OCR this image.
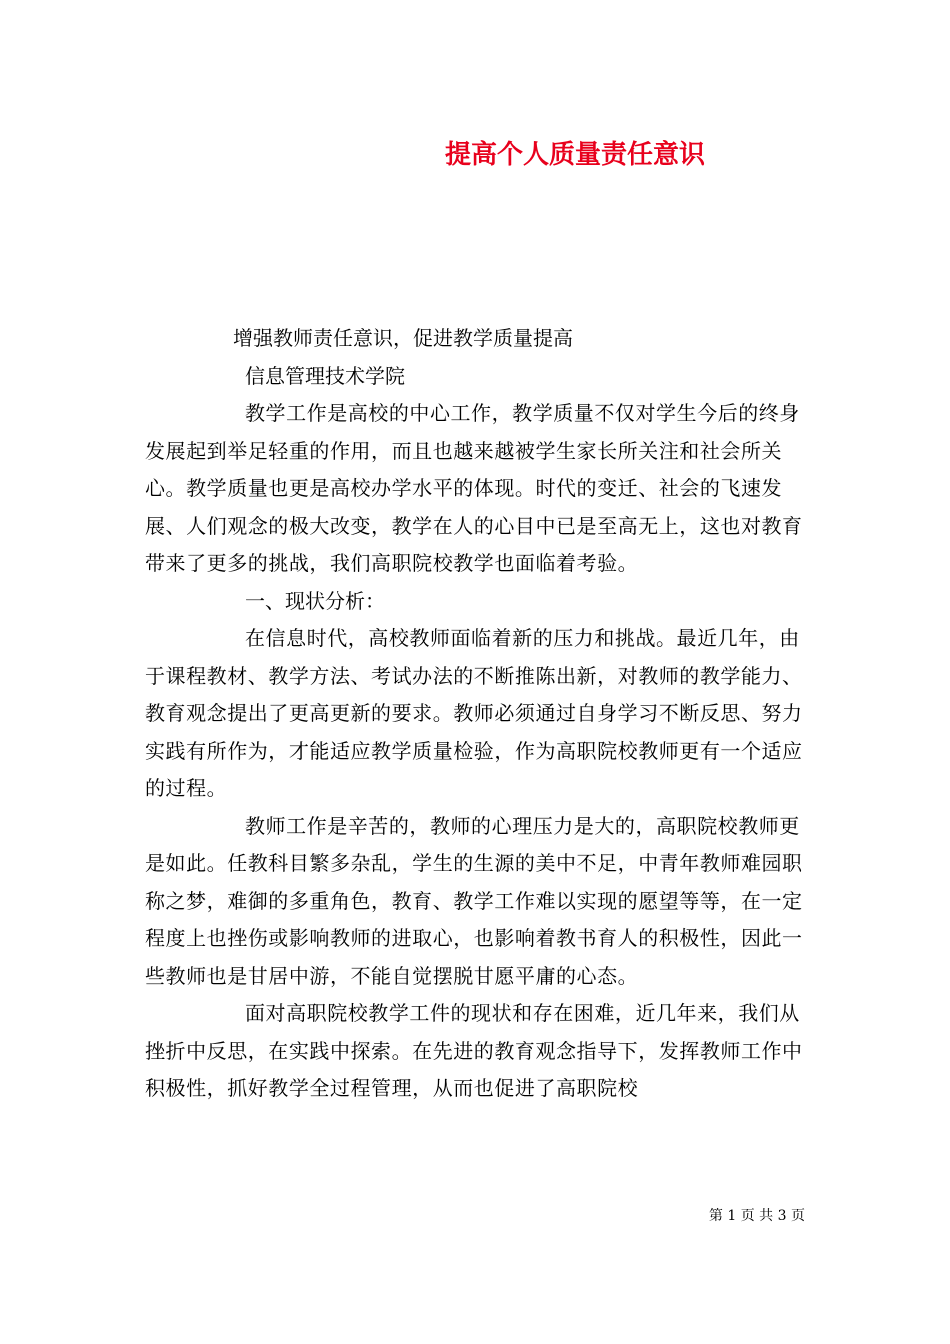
提高个人质量责任意识
增强教师责任意识，促进教学质量提高
信息管理技术学院
教学工作是高校的中心工作，教学质量不仅对学生今后的终身发展起到举足轻重的作用，而且也越来越被学生家长所关注和社会所关心。教学质量也更是高校办学水平的体现。时代的变迁、社会的飞速发展、人们观念的极大改变，教学在人的心目中已是至高无上，这也对教育带来了更多的挑战，我们高职院校教学也面临着考验。
一、现状分析：
在信息时代，高校教师面临着新的压力和挑战。最近几年，由于课程教材、教学方法、考试办法的不断推陈出新，对教师的教学能力、教育观念提出了更高更新的要求。教师必须通过自身学习不断反思、努力实践有所作为，才能适应教学质量检验，作为高职院校教师更有一个适应的过程。
教师工作是辛苦的，教师的心理压力是大的，高职院校教师更是如此。任教科目繁多杂乱，学生的生源的美中不足，中青年教师难园职称之梦，难御的多重角色，教育、教学工作难以实现的愿望等等，在一定程度上也挫伤或影响教师的进取心，也影响着教书育人的积极性，因此一些教师也是甘居中游，不能自觉摆脱甘愿平庸的心态。
面对高职院校教学工件的现状和存在困难，近几年来，我们从挫折中反思，在实践中探索。在先进的教育观念指导下，发挥教师工作中积极性，抓好教学全过程管理，从而也促进了高职院校
第 1 页 共 3 页
